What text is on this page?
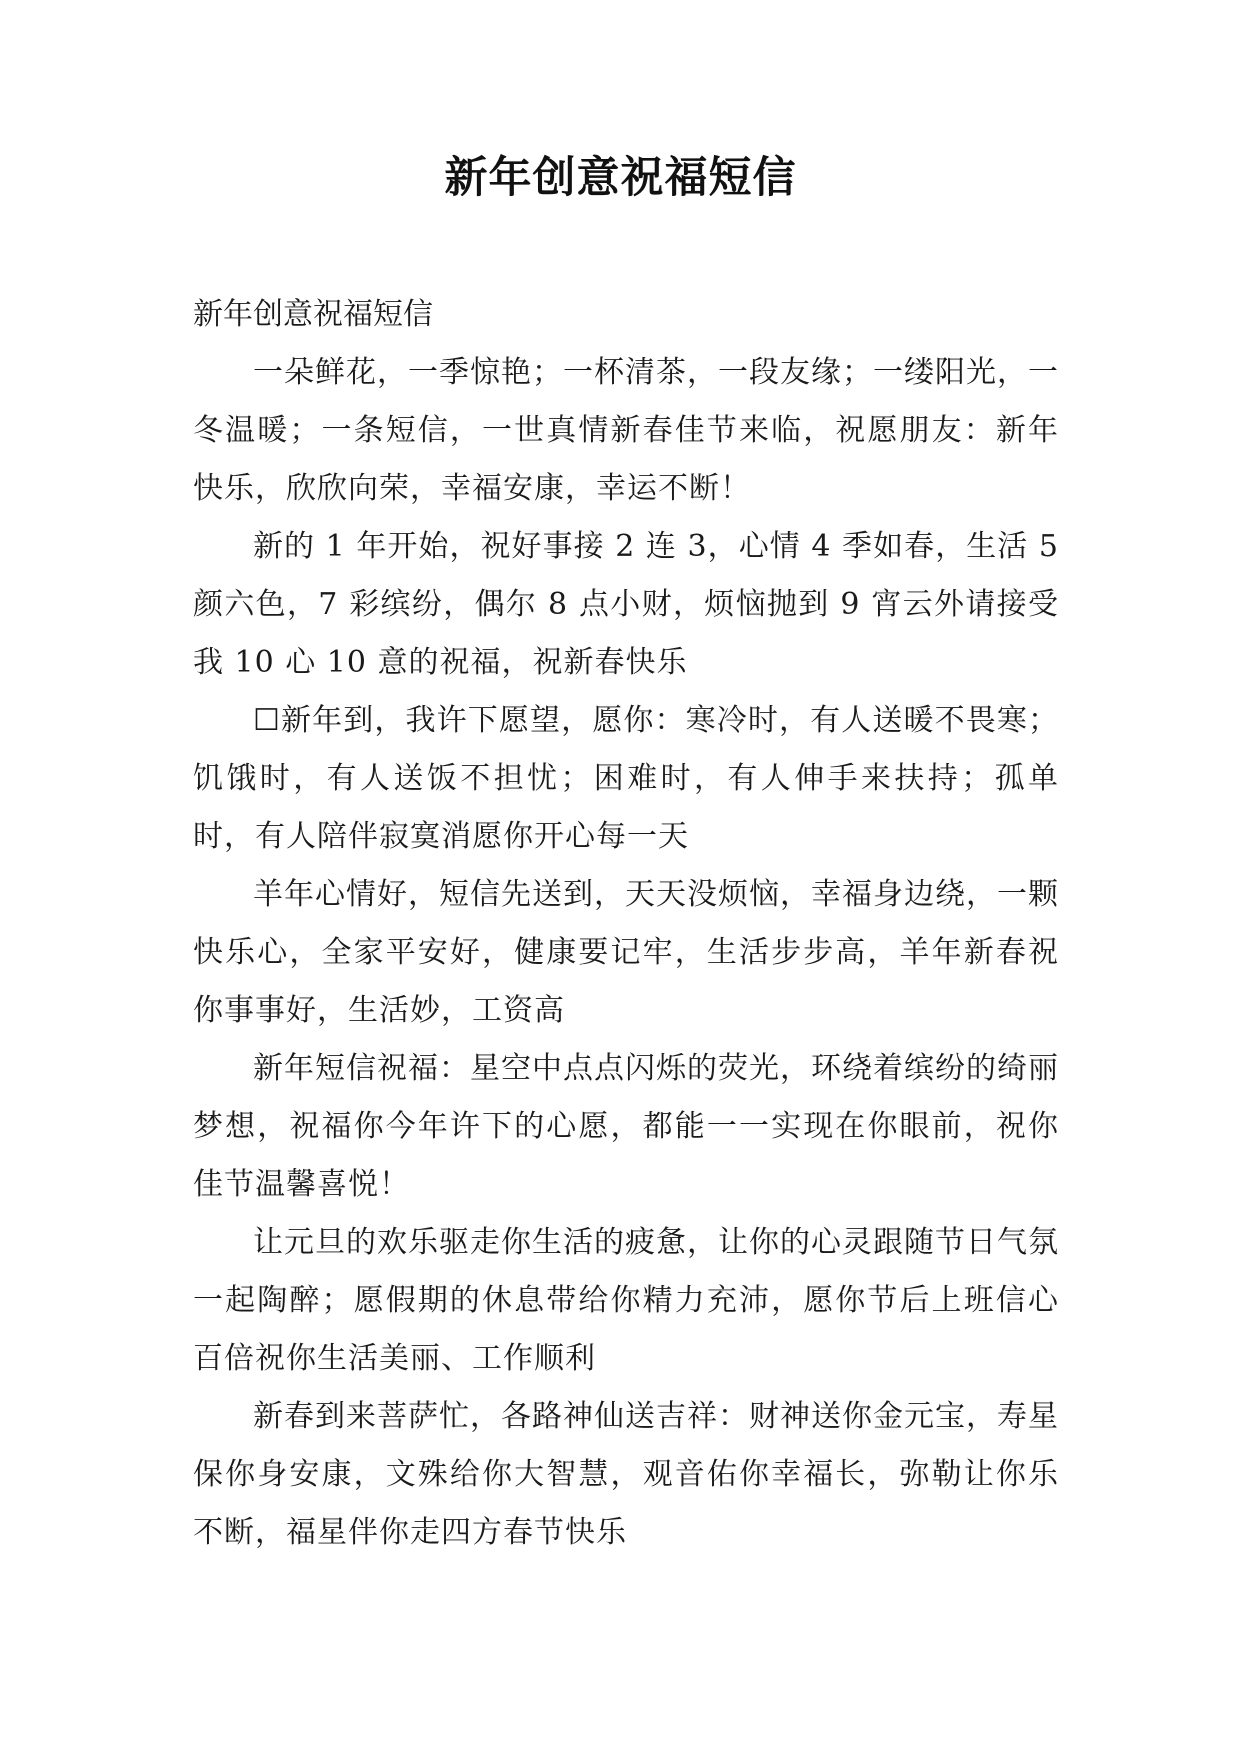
新年创意祝福短信
新年创意祝福短信

一朵鲜花，一季惊艳；一杯清茶，一段友缘；一缕阳光，一冬温暖；一条短信，一世真情新春佳节来临，祝愿朋友：新年快乐，欣欣向荣，幸福安康，幸运不断！

新的 1 年开始，祝好事接 2 连 3，心情 4 季如春，生活 5 颜六色，7 彩缤纷，偶尔 8 点小财，烦恼抛到 9 宵云外请接受我 10 心 10 意的祝福，祝新春快乐

☐新年到，我许下愿望，愿你：寒冷时，有人送暖不畏寒；饥饿时，有人送饭不担忧；困难时，有人伸手来扶持；孤单时，有人陪伴寂寞消愿你开心每一天

羊年心情好，短信先送到，天天没烦恼，幸福身边绕，一颗快乐心，全家平安好，健康要记牢，生活步步高，羊年新春祝你事事好，生活妙，工资高

新年短信祝福：星空中点点闪烁的荧光，环绕着缤纷的绮丽梦想，祝福你今年许下的心愿，都能一一实现在你眼前，祝你佳节温馨喜悦！

让元旦的欢乐驱走你生活的疲惫，让你的心灵跟随节日气氛一起陶醉；愿假期的休息带给你精力充沛，愿你节后上班信心百倍祝你生活美丽、工作顺利

新春到来菩萨忙，各路神仙送吉祥：财神送你金元宝，寿星保你身安康，文殊给你大智慧，观音佑你幸福长，弥勒让你乐不断，福星伴你走四方春节快乐
